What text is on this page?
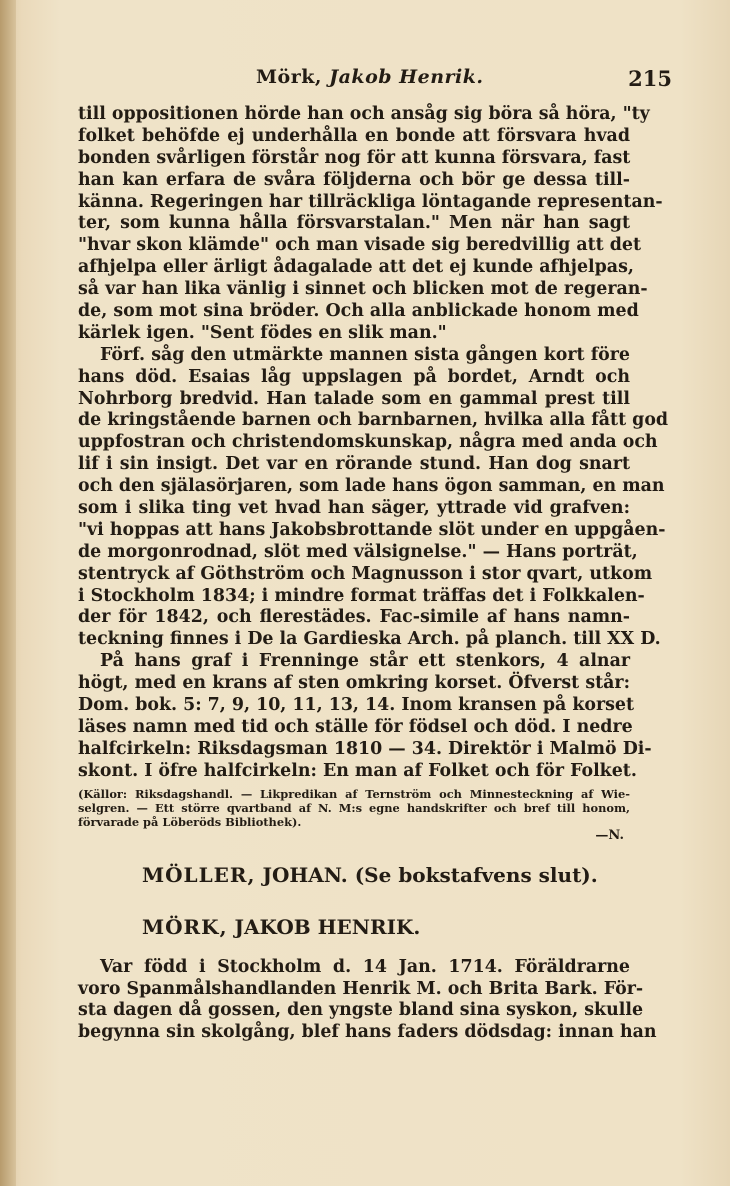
Mörk, Jakob Henrik.	215
till oppositionen hörde han och ansåg sig böra så höra, "ty
folket behöfde ej underhålla en bonde att försvara hvad
bonden svårligen förstår nog för att kunna försvara, fast
han kan erfara de svåra följderna och bör ge dessa till-
känna. Regeringen har tillräckliga löntagande representan-
ter, som kunna hålla försvarstalan." Men när han sagt
"hvar skon klämde" och man visade sig beredvillig att det
afhjelpa eller ärligt ådagalade att det ej kunde afhjelpas,
så var han lika vänlig i sinnet och blicken mot de regeran-
de, som mot sina bröder. Och alla anblickade honom med
kärlek igen. "Sent födes en slik man."
Förf. såg den utmärkte mannen sista gången kort före
hans död. Esaias låg uppslagen på bordet, Arndt och
Nohrborg bredvid. Han talade som en gammal prest till
de kringstående barnen och barnbarnen, hvilka alla fått god
uppfostran och christendomskunskap, några med anda och
lif i sin insigt. Det var en rörande stund. Han dog snart
och den själasörjaren, som lade hans ögon samman, en man
som i slika ting vet hvad han säger, yttrade vid grafven:
"vi hoppas att hans Jakobsbrottande slöt under en uppgåen-
de morgonrodnad, slöt med välsignelse." — Hans porträt,
stentryck af Göthström och Magnusson i stor qvart, utkom
i Stockholm 1834; i mindre format träffas det i Folkkalen-
der för 1842, och flerestädes. Fac-simile af hans namn-
teckning finnes i De la Gardieska Arch. på planch. till XX D.
På hans graf i Frenninge står ett stenkors, 4 alnar
högt, med en krans af sten omkring korset. Öfverst står:
Dom. bok. 5: 7, 9, 10, 11, 13, 14. Inom kransen på korset
läses namn med tid och ställe för födsel och död. I nedre
halfcirkeln: Riksdagsman 1810 — 34. Direktör i Malmö Di-
skont. I öfre halfcirkeln: En man af Folket och för Folket.
(Källor: Riksdagshandl. — Likpredikan af Ternström och Minnesteckning af Wie-
selgren. — Ett större qvartband af N. M:s egne handskrifter och bref till honom,
förvarade på Löberöds Bibliothek).
—N.
MÖLLER, JOHAN. (Se bokstafvens slut).
MÖRK, JAKOB HENRIK.
Var född i Stockholm d. 14 Jan. 1714. Föräldrarne
voro Spanmålshandlanden Henrik M. och Brita Bark. För-
sta dagen då gossen, den yngste bland sina syskon, skulle
begynna sin skolgång, blef hans faders dödsdag: innan han
